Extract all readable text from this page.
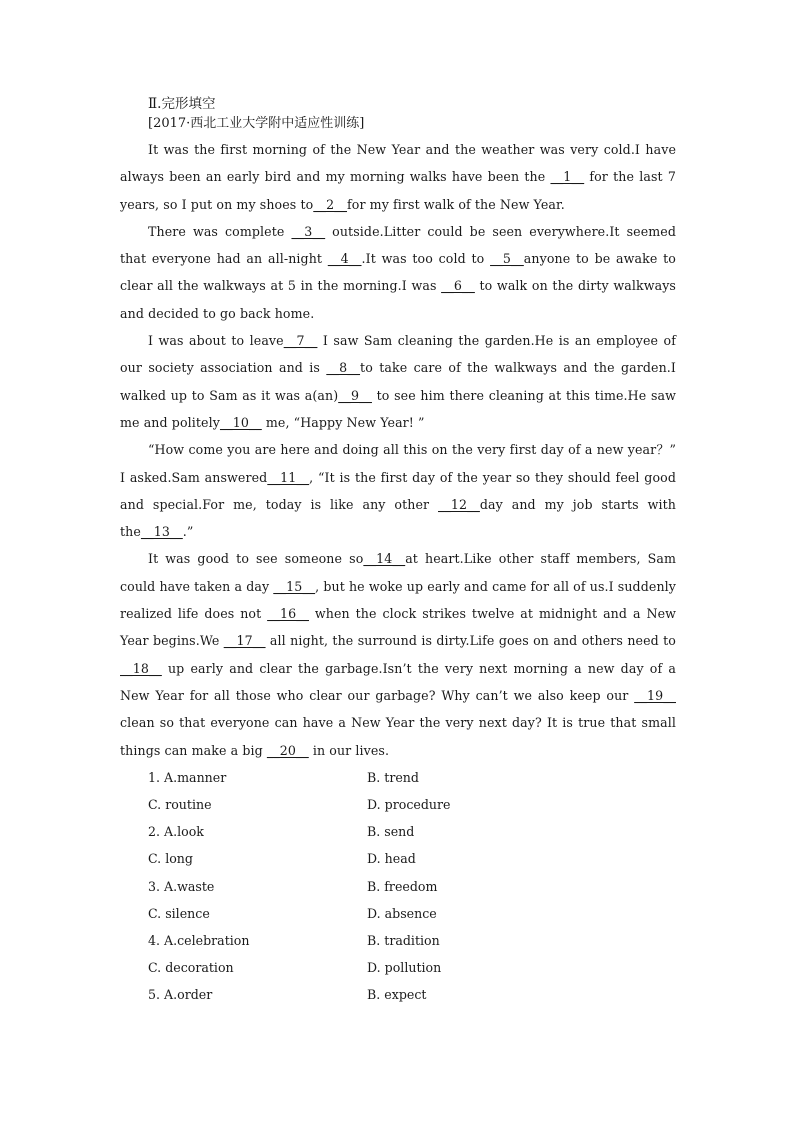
Ⅱ.完形填空
[2017·西北工业大学附中适应性训练]

It was the first morning of the New Year and the weather was very cold.I have always been an early bird and my morning walks have been the __1__ for the last 7 years, so I put on my shoes to__2__for my first walk of the New Year.

There was complete __3__ outside.Litter could be seen everywhere.It seemed that everyone had an all-night __4__.It was too cold to __5__anyone to be awake to clear all the walkways at 5 in the morning.I was __6__ to walk on the dirty walkways and decided to go back home.

I was about to leave__7__ I saw Sam cleaning the garden.He is an employee of our society association and is __8__to take care of the walkways and the garden.I walked up to Sam as it was a(an)__9__ to see him there cleaning at this time.He saw me and politely__10__ me, “Happy New Year! ”

“How come you are here and doing all this on the very first day of a new year？” I asked.Sam answered__11__, “It is the first day of the year so they should feel good and special.For me, today is like any other __12__day and my job starts with the__13__.”

It was good to see someone so__14__at heart.Like other staff members, Sam could have taken a day __15__, but he woke up early and came for all of us.I suddenly realized life does not __16__ when the clock strikes twelve at midnight and a New Year begins.We __17__ all night, the surround is dirty.Life goes on and others need to __18__ up early and clear the garbage.Isn’t the very next morning a new day of a New Year for all those who clear our garbage? Why can’t we also keep our __19__ clean so that everyone can have a New Year the very next day? It is true that small things can make a big __20__ in our lives.

1. A.manner	B. trend
C. routine	D. procedure
2. A.look	B. send
C. long	D. head
3. A.waste	B. freedom
C. silence	D. absence
4. A.celebration	B. tradition
C. decoration	D. pollution
5. A.order	B. expect
